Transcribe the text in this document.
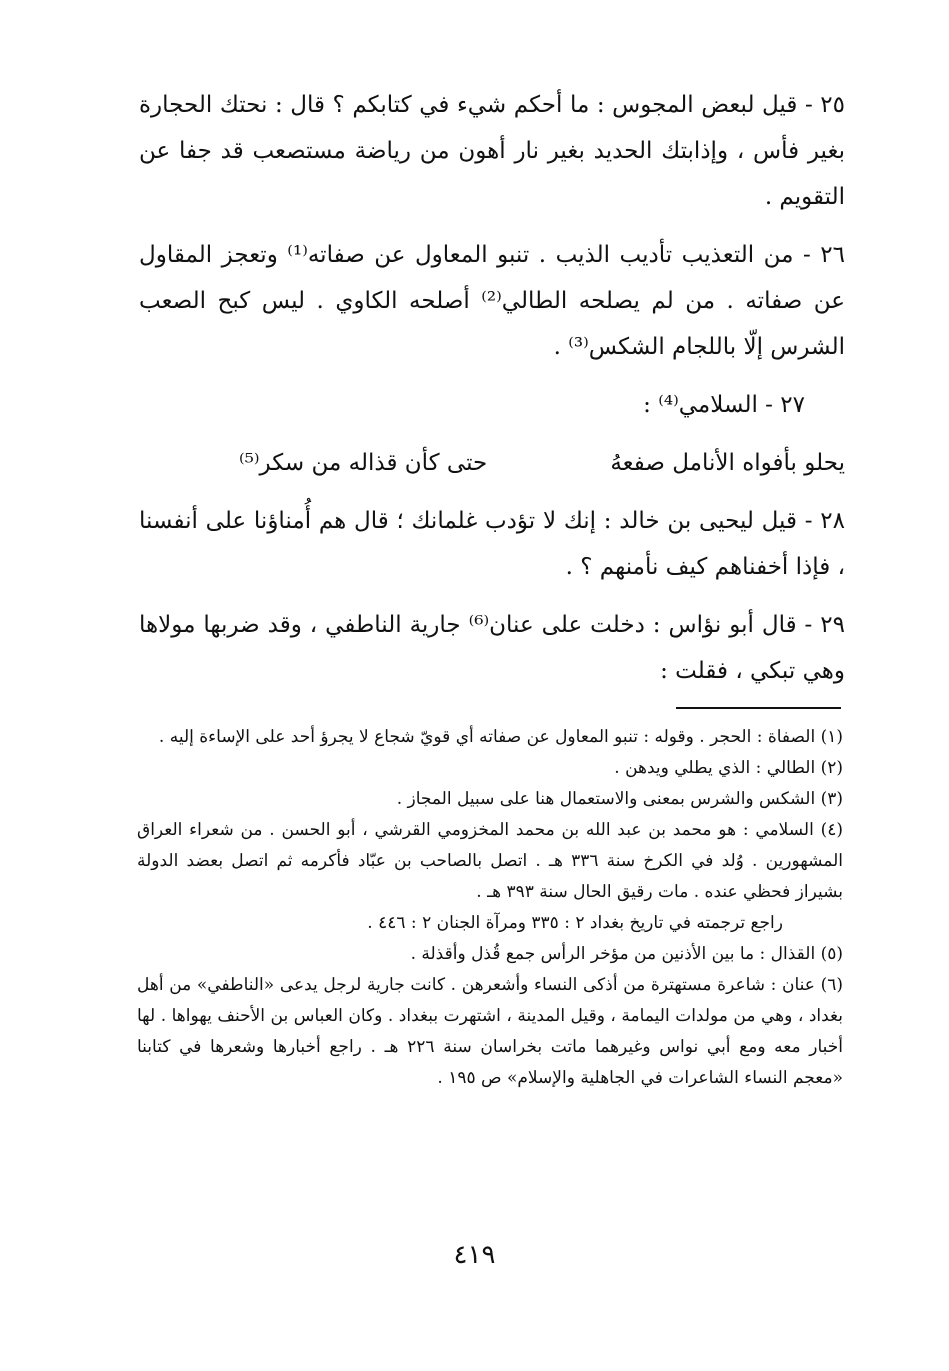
٢٥ - قيل لبعض المجوس : ما أحكم شيء في كتابكم ؟ قال : نحتك الحجارة بغير فأس ، وإذابتك الحديد بغير نار أهون من رياضة مستصعب قد جفا عن التقويم .

٢٦ - من التعذيب تأديب الذيب . تنبو المعاول عن صفاته⁽¹⁾ وتعجز المقاول عن صفاته . من لم يصلحه الطالي⁽²⁾ أصلحه الكاوي . ليس كبح الصعب الشرس إلّا باللجام الشكس⁽³⁾ .

٢٧ - السلامي⁽⁴⁾ :

يحلو بأفواه الأنامل صفعهُ
حتى كأن قذاله من سكر⁽⁵⁾

٢٨ - قيل ليحيى بن خالد : إنك لا تؤدب غلمانك ؛ قال هم أُمناؤنا على أنفسنا ، فإذا أخفناهم كيف نأمنهم ؟ .

٢٩ - قال أبو نؤاس : دخلت على عنان⁽⁶⁾ جارية الناطفي ، وقد ضربها مولاها وهي تبكي ، فقلت :

(١) الصفاة : الحجر . وقوله : تنبو المعاول عن صفاته أي قويّ شجاع لا يجرؤ أحد على الإساءة إليه .

(٢) الطالي : الذي يطلي ويدهن .

(٣) الشكس والشرس بمعنى والاستعمال هنا على سبيل المجاز .

(٤) السلامي : هو محمد بن عبد الله بن محمد المخزومي القرشي ، أبو الحسن . من شعراء العراق المشهورين . وُلد في الكرخ سنة ٣٣٦ هـ . اتصل بالصاحب بن عبّاد فأكرمه ثم اتصل بعضد الدولة بشيراز فحظي عنده . مات رقيق الحال سنة ٣٩٣ هـ .

راجع ترجمته في تاريخ بغداد ٢ : ٣٣٥ ومرآة الجنان ٢ : ٤٤٦ .

(٥) القذال : ما بين الأذنين من مؤخر الرأس جمع قُذل وأقذلة .

(٦) عنان : شاعرة مستهترة من أذكى النساء وأشعرهن . كانت جارية لرجل يدعى «الناطفي» من أهل بغداد ، وهي من مولدات اليمامة ، وقيل المدينة ، اشتهرت ببغداد . وكان العباس بن الأحنف يهواها . لها أخبار معه ومع أبي نواس وغيرهما ماتت بخراسان سنة ٢٢٦ هـ . راجع أخبارها وشعرها في كتابنا «معجم النساء الشاعرات في الجاهلية والإسلام» ص ١٩٥ .

٤١٩
